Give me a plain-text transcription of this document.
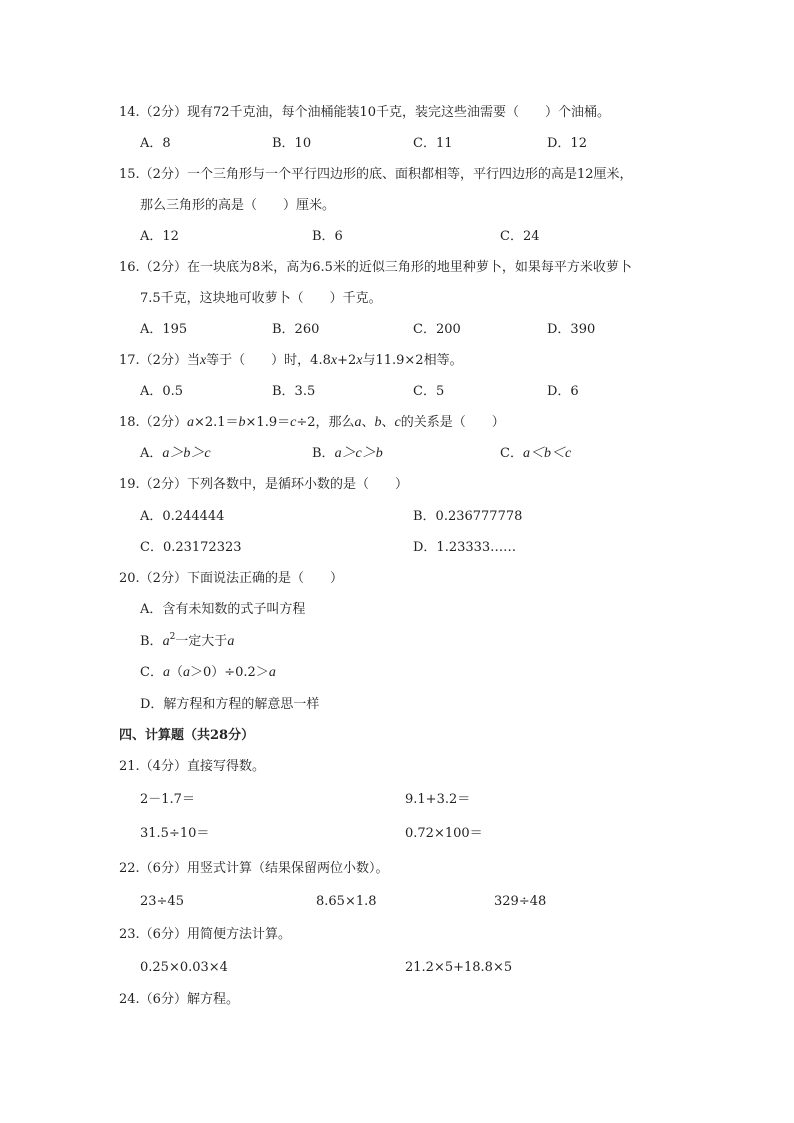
14.（2分）现有72千克油，每个油桶能装10千克，装完这些油需要（　　）个油桶。
A．8	B．10	C．11	D．12
15.（2分）一个三角形与一个平行四边形的底、面积都相等，平行四边形的高是12厘米，
那么三角形的高是（　　）厘米。
A．12	B．6	C．24
16.（2分）在一块底为8米，高为6.5米的近似三角形的地里种萝卜，如果每平方米收萝卜
7.5千克，这块地可收萝卜（　　）千克。
A．195	B．260	C．200	D．390
17.（2分）当x等于（　　）时，4.8x+2x与11.9×2相等。
A．0.5	B．3.5	C．5	D．6
18.（2分）a×2.1＝b×1.9＝c÷2，那么a、b、c的关系是（　　）
A．a＞b＞c	B．a＞c＞b	C．a＜b＜c
19.（2分）下列各数中，是循环小数的是（　　）
A．0.244444	B．0.236777778
C．0.23172323	D．1.23333……
20.（2分）下面说法正确的是（　　）
A．含有未知数的式子叫方程
B．$a^2$一定大于a
C．a（a＞0）÷0.2＞a
D．解方程和方程的解意思一样
四、计算题（共28分）
21.（4分）直接写得数。
2－1.7＝	9.1+3.2＝
31.5÷10＝	0.72×100＝
22.（6分）用竖式计算（结果保留两位小数）。
23÷45	8.65×1.8	329÷48
23.（6分）用简便方法计算。
0.25×0.03×4	21.2×5+18.8×5
24.（6分）解方程。
